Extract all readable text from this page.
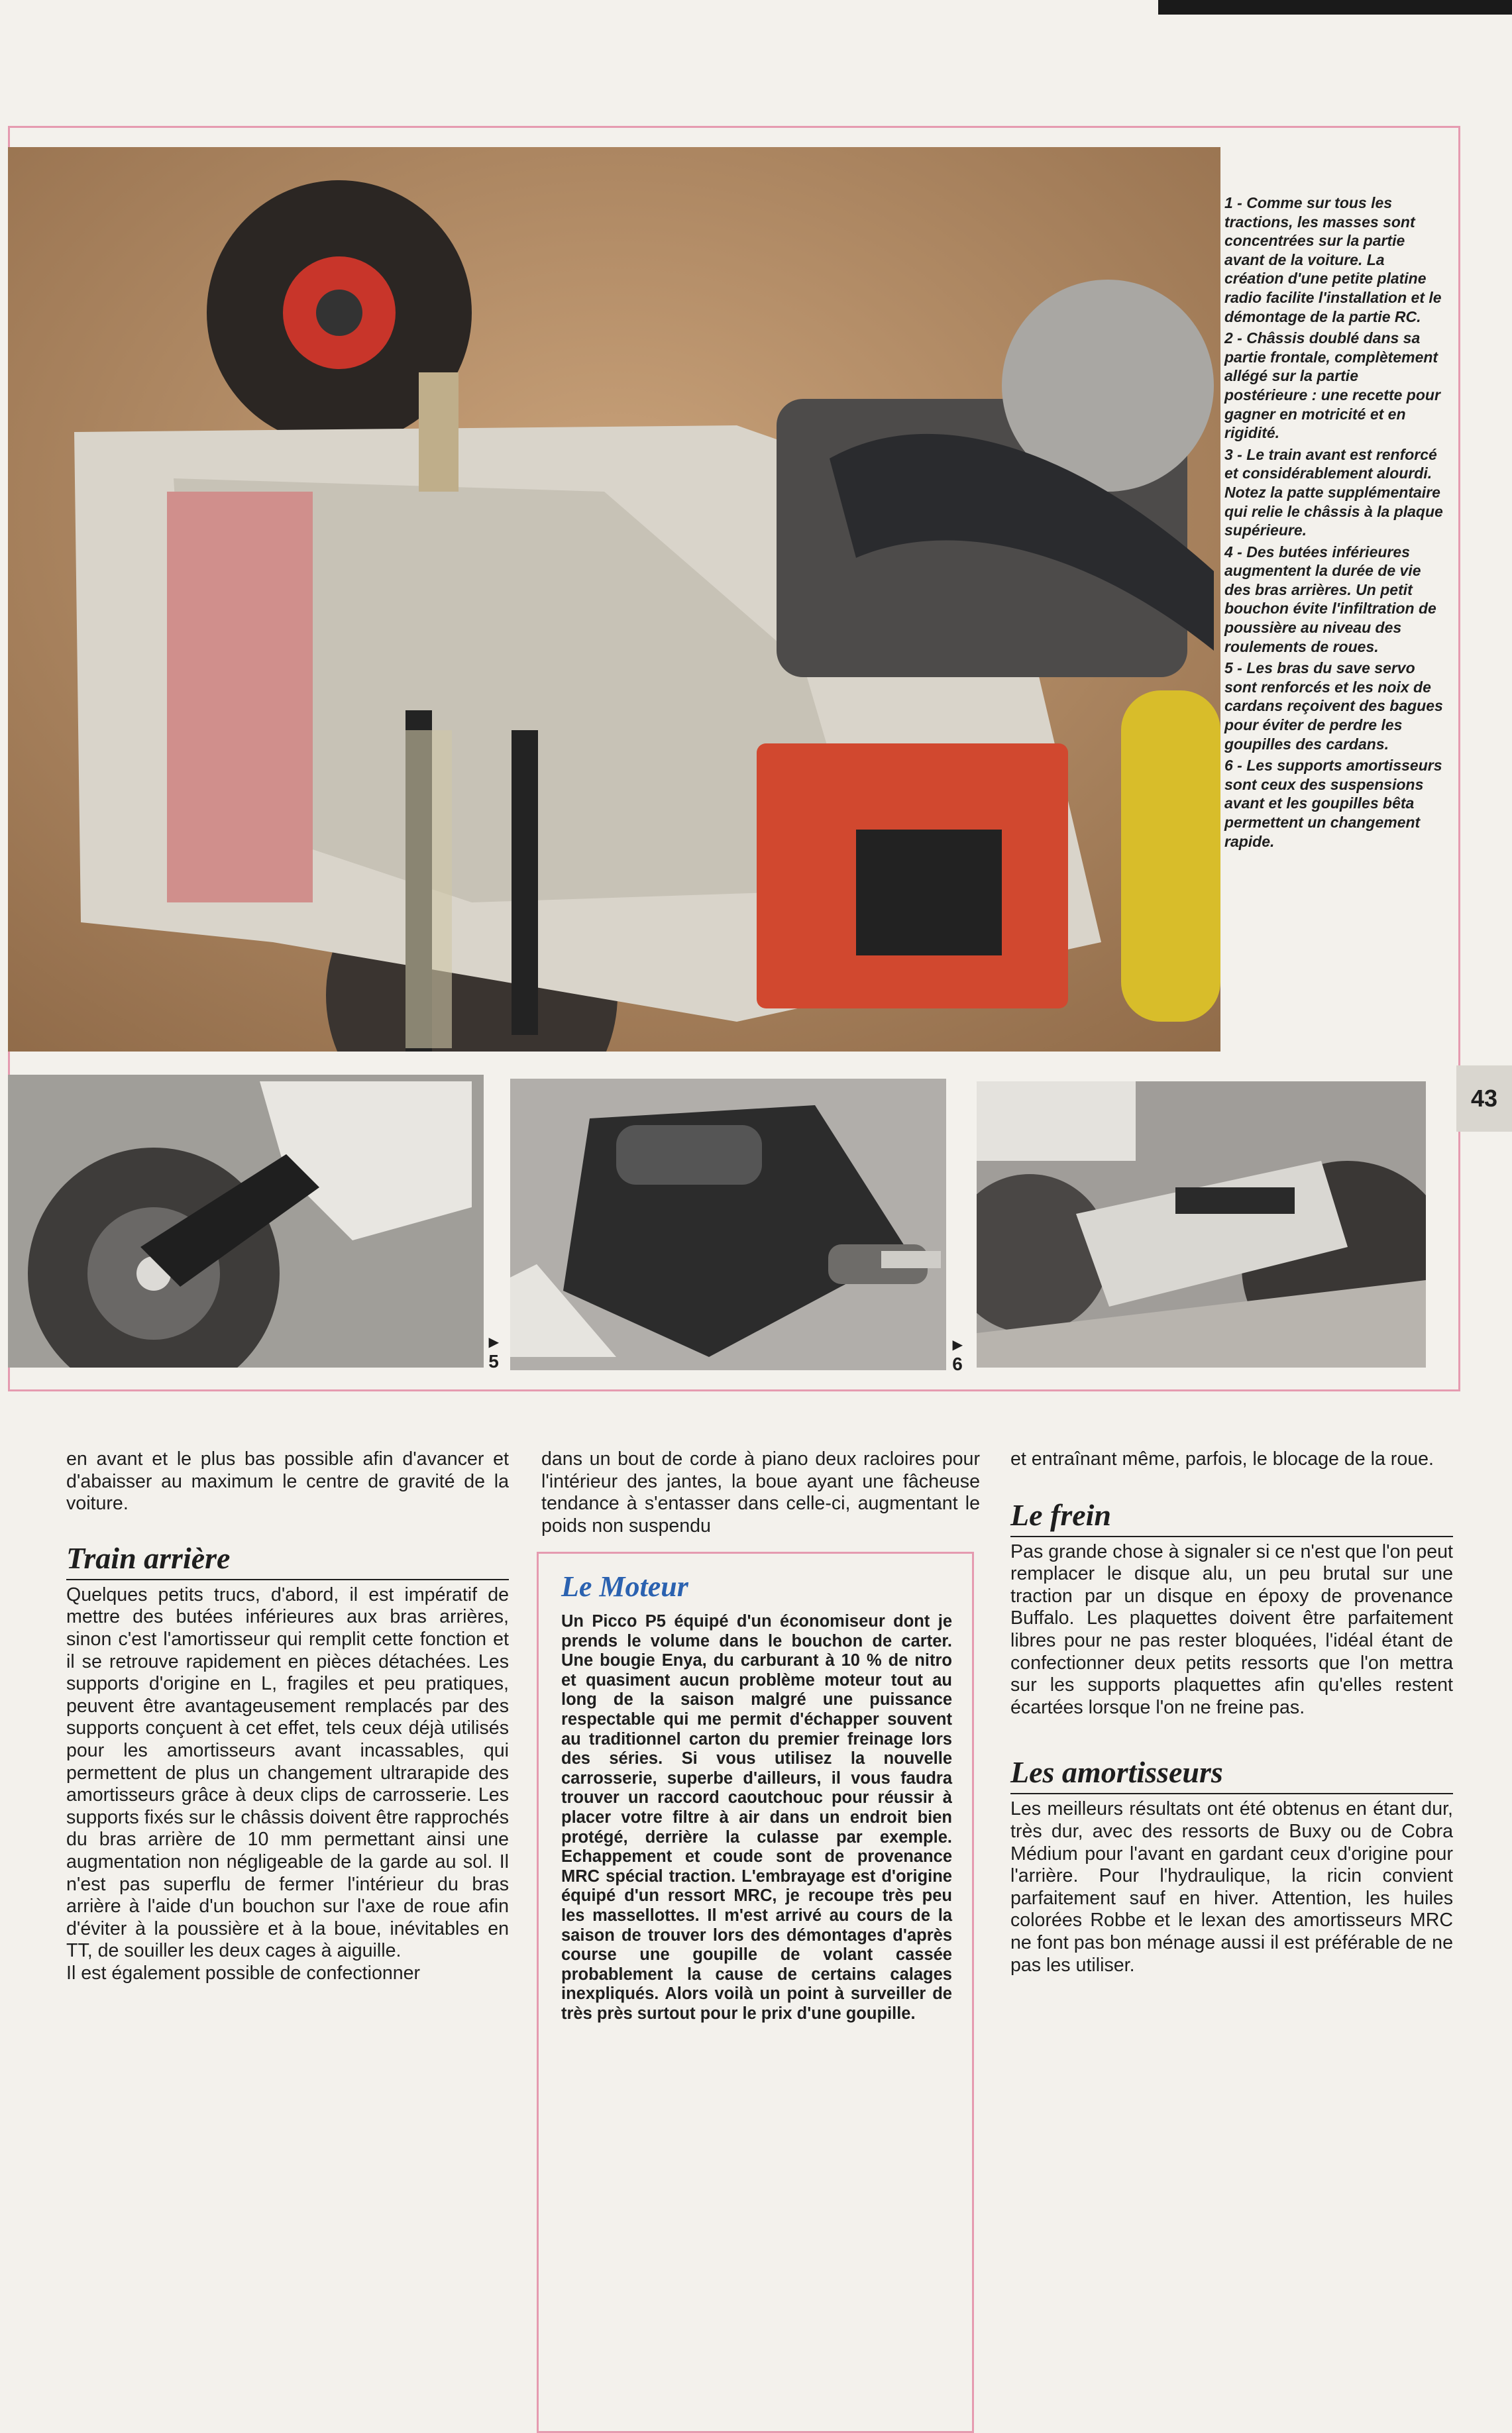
▸
5
▸
6

1 - Comme sur tous les tractions, les masses sont concentrées sur la partie avant de la voiture. La création d'une petite platine radio facilite l'installation et le démontage de la partie RC.

2 - Châssis doublé dans sa partie frontale, complètement allégé sur la partie postérieure : une recette pour gagner en motricité et en rigidité.

3 - Le train avant est renforcé et considérablement alourdi. Notez la patte supplémentaire qui relie le châssis à la plaque supérieure.

4 - Des butées inférieures augmentent la durée de vie des bras arrières. Un petit bouchon évite l'infiltration de poussière au niveau des roulements de roues.

5 - Les bras du save servo sont renforcés et les noix de cardans reçoivent des bagues pour éviter de perdre les goupilles des cardans.

6 - Les supports amortisseurs sont ceux des suspensions avant et les goupilles bêta permettent un changement rapide.

43

en avant et le plus bas possible afin d'avancer et d'abaisser au maximum le centre de gravité de la voiture.

Train arrière

Quelques petits trucs, d'abord, il est impératif de mettre des butées inférieures aux bras arrières, sinon c'est l'amortisseur qui remplit cette fonction et il se retrouve rapidement en pièces détachées. Les supports d'origine en L, fragiles et peu pratiques, peuvent être avantageusement remplacés par des supports conçuent à cet effet, tels ceux déjà utilisés pour les amortisseurs avant incassables, qui permettent de plus un changement ultrarapide des amortisseurs grâce à deux clips de carrosserie. Les supports fixés sur le châssis doivent être rapprochés du bras arrière de 10 mm permettant ainsi une augmentation non négligeable de la garde au sol. Il n'est pas superflu de fermer l'intérieur du bras arrière à l'aide d'un bouchon sur l'axe de roue afin d'éviter à la poussière et à la boue, inévitables en TT, de souiller les deux cages à aiguille.

Il est également possible de confectionner

dans un bout de corde à piano deux racloires pour l'intérieur des jantes, la boue ayant une fâcheuse tendance à s'entasser dans celle-ci, augmentant le poids non suspendu

Le Moteur

Un Picco P5 équipé d'un économiseur dont je prends le volume dans le bouchon de carter. Une bougie Enya, du carburant à 10 % de nitro et quasiment aucun problème moteur tout au long de la saison malgré une puissance respectable qui me permit d'échapper souvent au traditionnel carton du premier freinage lors des séries. Si vous utilisez la nouvelle carrosserie, superbe d'ailleurs, il vous faudra trouver un raccord caoutchouc pour réussir à placer votre filtre à air dans un endroit bien protégé, derrière la culasse par exemple. Echappement et coude sont de provenance MRC spécial traction. L'embrayage est d'origine équipé d'un ressort MRC, je recoupe très peu les massellottes. Il m'est arrivé au cours de la saison de trouver lors des démontages d'après course une goupille de volant cassée probablement la cause de certains calages inexpliqués. Alors voilà un point à surveiller de très près surtout pour le prix d'une goupille.

et entraînant même, parfois, le blocage de la roue.

Le frein

Pas grande chose à signaler si ce n'est que l'on peut remplacer le disque alu, un peu brutal sur une traction par un disque en époxy de provenance Buffalo. Les plaquettes doivent être parfaitement libres pour ne pas rester bloquées, l'idéal étant de confectionner deux petits ressorts que l'on mettra sur les supports plaquettes afin qu'elles restent écartées lorsque l'on ne freine pas.

Les amortisseurs

Les meilleurs résultats ont été obtenus en étant dur, très dur, avec des ressorts de Buxy ou de Cobra Médium pour l'avant en gardant ceux d'origine pour l'arrière. Pour l'hydraulique, la ricin convient parfaitement sauf en hiver. Attention, les huiles colorées Robbe et le lexan des amortisseurs MRC ne font pas bon ménage aussi il est préférable de ne pas les utiliser.
